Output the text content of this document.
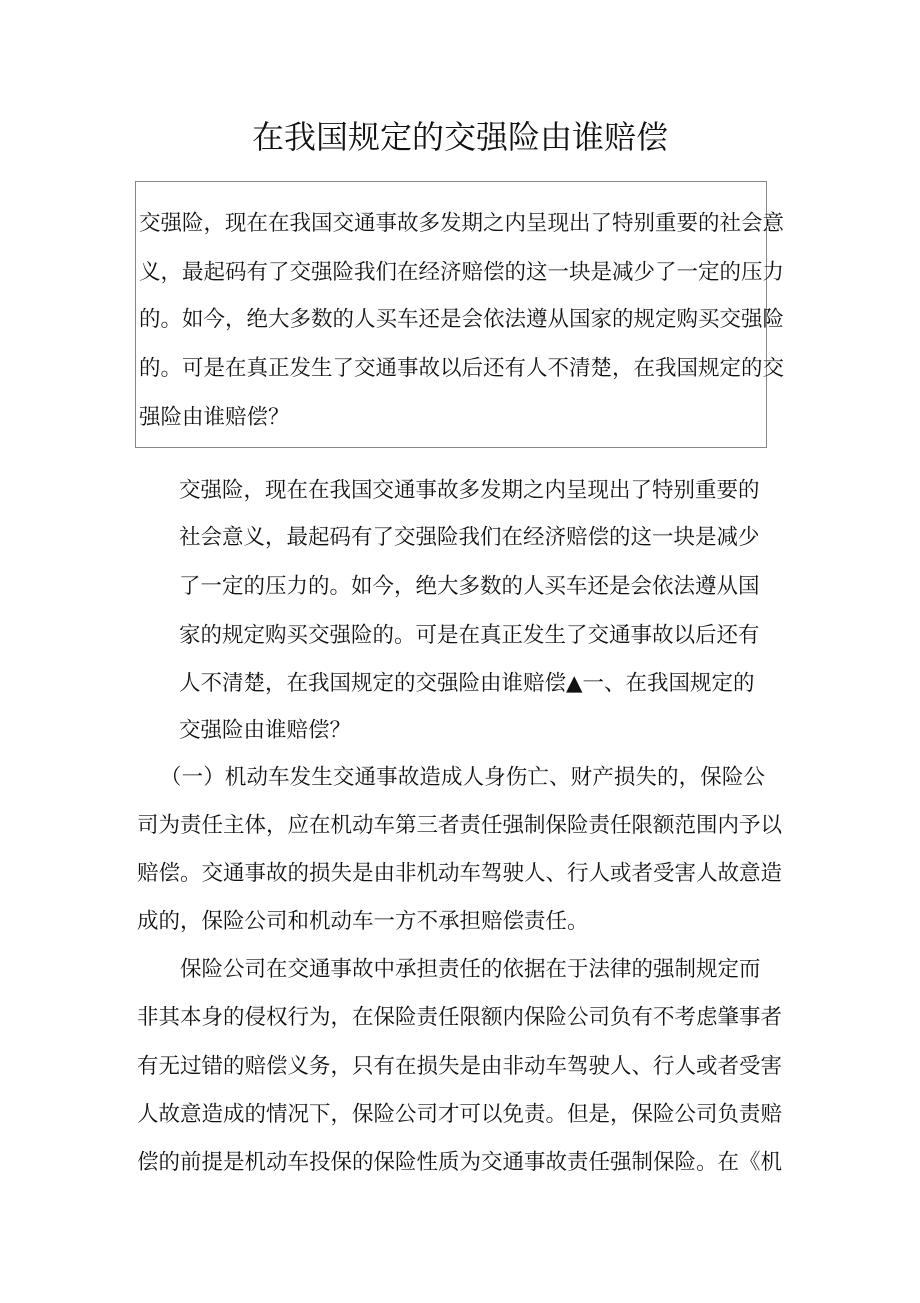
在我国规定的交强险由谁赔偿
交强险，现在在我国交通事故多发期之内呈现出了特别重要的社会意
义，最起码有了交强险我们在经济赔偿的这一块是减少了一定的压力
的。如今，绝大多数的人买车还是会依法遵从国家的规定购买交强险
的。可是在真正发生了交通事故以后还有人不清楚，在我国规定的交
强险由谁赔偿？
交强险，现在在我国交通事故多发期之内呈现出了特别重要的
社会意义，最起码有了交强险我们在经济赔偿的这一块是减少
了一定的压力的。如今，绝大多数的人买车还是会依法遵从国
家的规定购买交强险的。可是在真正发生了交通事故以后还有
人不清楚，在我国规定的交强险由谁赔偿▲一、在我国规定的
交强险由谁赔偿？
（一）机动车发生交通事故造成人身伤亡、财产损失的，保险公
司为责任主体，应在机动车第三者责任强制保险责任限额范围内予以
赔偿。交通事故的损失是由非机动车驾驶人、行人或者受害人故意造
成的，保险公司和机动车一方不承担赔偿责任。
保险公司在交通事故中承担责任的依据在于法律的强制规定而
非其本身的侵权行为，在保险责任限额内保险公司负有不考虑肇事者
有无过错的赔偿义务，只有在损失是由非动车驾驶人、行人或者受害
人故意造成的情况下，保险公司才可以免责。但是，保险公司负责赔
偿的前提是机动车投保的保险性质为交通事故责任强制保险。在《机
